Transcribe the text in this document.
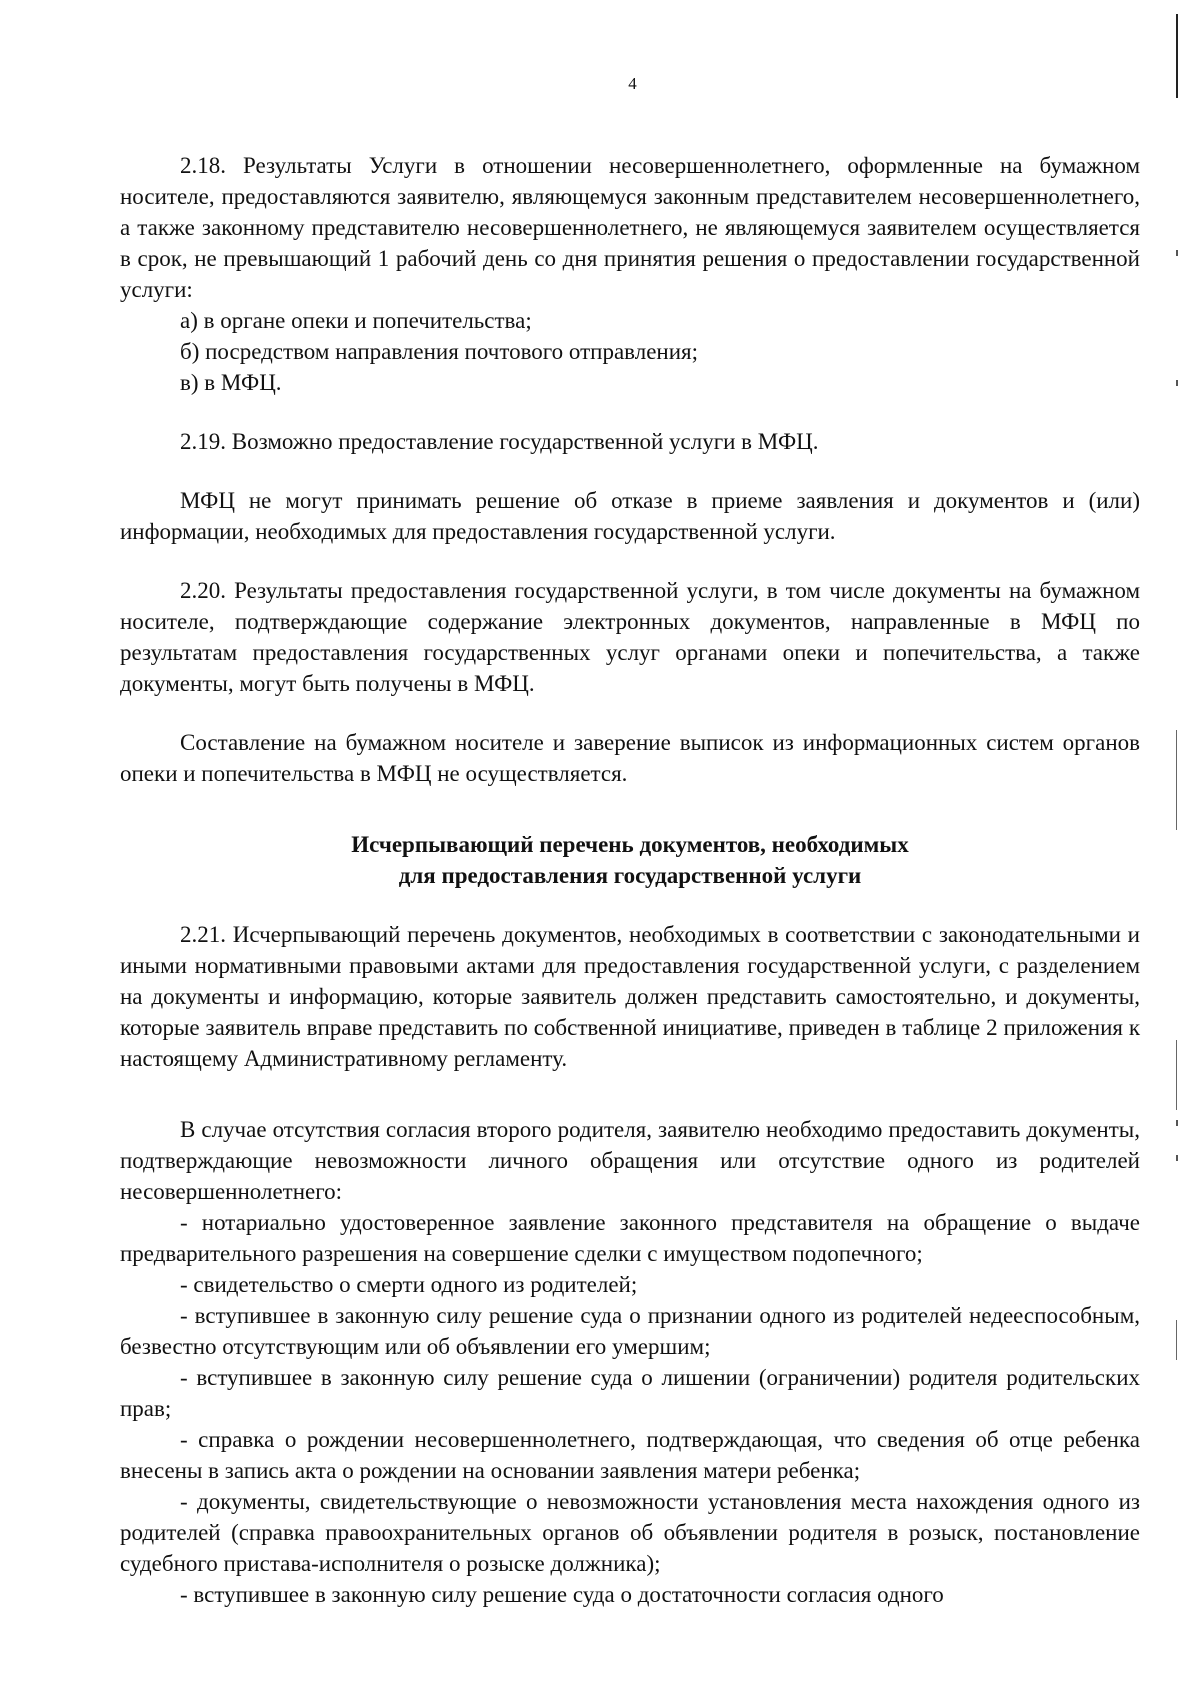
4

2.18. Результаты Услуги в отношении несовершеннолетнего, оформленные на бумажном носителе, предоставляются заявителю, являющемуся законным представителем несовершеннолетнего, а также законному представителю несовершеннолетнего, не являющемуся заявителем осуществляется в срок, не превышающий 1 рабочий день со дня принятия решения о предоставлении государственной услуги:

а) в органе опеки и попечительства;

б) посредством направления почтового отправления;

в) в МФЦ.

2.19. Возможно предоставление государственной услуги в МФЦ.

МФЦ не могут принимать решение об отказе в приеме заявления и документов и (или) информации, необходимых для предоставления государственной услуги.

2.20. Результаты предоставления государственной услуги, в том числе документы на бумажном носителе, подтверждающие содержание электронных документов, направленные в МФЦ по результатам предоставления государственных услуг органами опеки и попечительства, а также документы, могут быть получены в МФЦ.

Составление на бумажном носителе и заверение выписок из информационных систем органов опеки и попечительства в МФЦ не осуществляется.

Исчерпывающий перечень документов, необходимых

для предоставления государственной услуги

2.21. Исчерпывающий перечень документов, необходимых в соответствии с законодательными и иными нормативными правовыми актами для предоставления государственной услуги, с разделением на документы и информацию, которые заявитель должен представить самостоятельно, и документы, которые заявитель вправе представить по собственной инициативе, приведен в таблице 2 приложения к настоящему Административному регламенту.

В случае отсутствия согласия второго родителя, заявителю необходимо предоставить документы, подтверждающие невозможности личного обращения или отсутствие одного из родителей несовершеннолетнего:

- нотариально удостоверенное заявление законного представителя на обращение о выдаче предварительного разрешения на совершение сделки с имуществом подопечного;

- свидетельство о смерти одного из родителей;

- вступившее в законную силу решение суда о признании одного из родителей недееспособным, безвестно отсутствующим или об объявлении его умершим;

- вступившее в законную силу решение суда о лишении (ограничении) родителя родительских прав;

- справка о рождении несовершеннолетнего, подтверждающая, что сведения об отце ребенка внесены в запись акта о рождении на основании заявления матери ребенка;

- документы, свидетельствующие о невозможности установления места нахождения одного из родителей (справка правоохранительных органов об объявлении родителя в розыск, постановление судебного пристава-исполнителя о розыске должника);

- вступившее в законную силу решение суда о достаточности согласия одного
